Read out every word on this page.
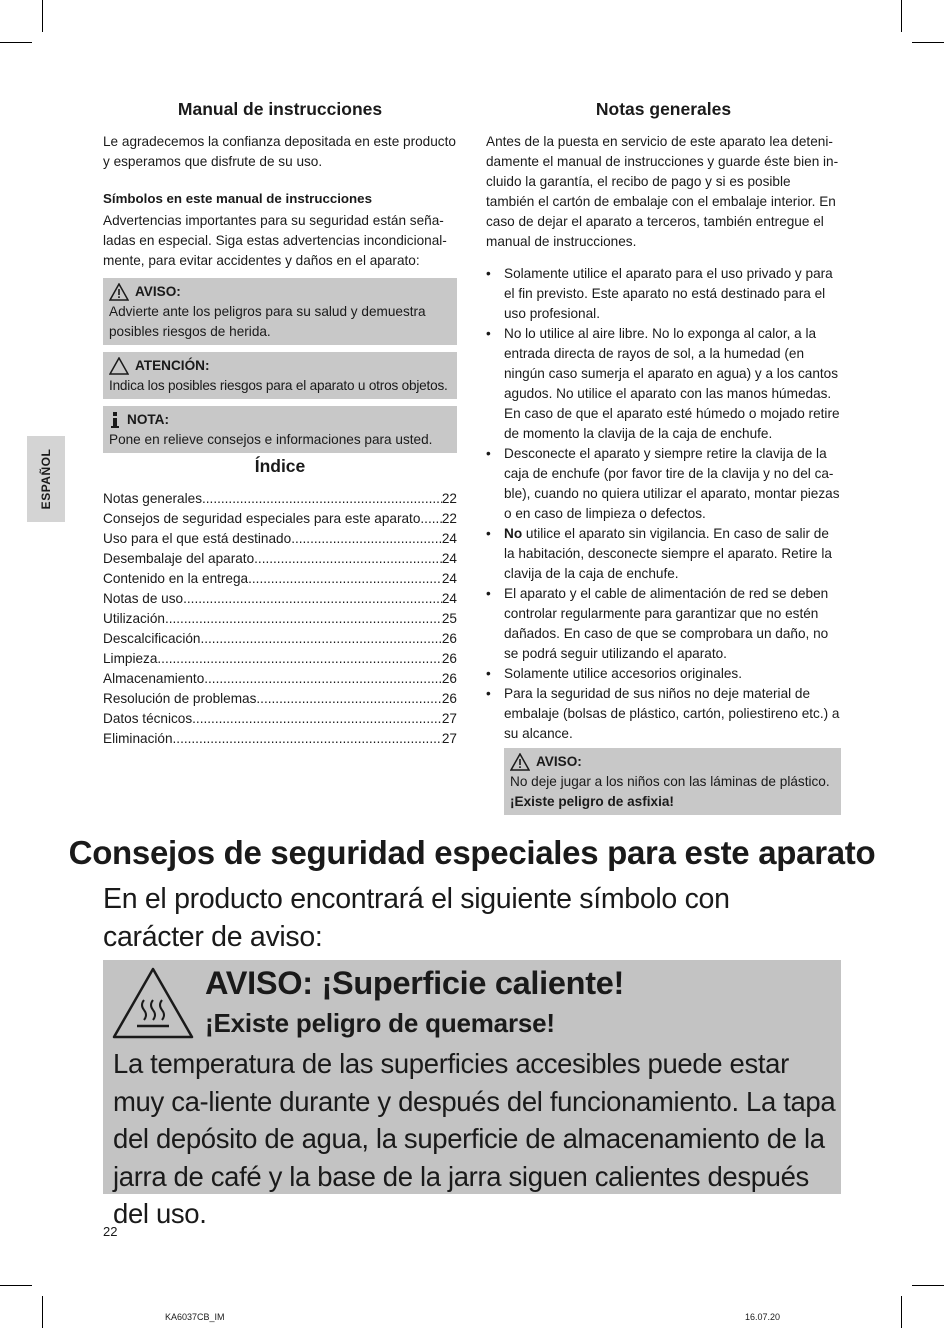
ESPAÑOL
Manual de instrucciones

Le agradecemos la confianza depositada en este producto y esperamos que disfrute de su uso.

Símbolos en este manual de instrucciones

Advertencias importantes para su seguridad están seña-ladas en especial. Siga estas advertencias incondicional-mente, para evitar accidentes y daños en el aparato:

AVISO:

Advierte ante los peligros para su salud y demuestra posibles riesgos de herida.

ATENCIÓN:

Indica los posibles riesgos para el aparato u otros objetos.

NOTA:

Pone en relieve consejos e informaciones para usted.

Índice
Notas generales .....	22
Consejos de seguridad especiales para este aparato ..... 22
Uso para el que está destinado .....	24
Desembalaje del aparato .....	24
Contenido en la entrega .....	24
Notas de uso .....	24
Utilización .....	25
Descalcificación .....	26
Limpieza .....	26
Almacenamiento .....	26
Resolución de problemas .....	26
Datos técnicos .....	27
Eliminación .....	27
Notas generales

Antes de la puesta en servicio de este aparato lea deteni-damente el manual de instrucciones y guarde éste bien in-cluido la garantía, el recibo de pago y si es posible también el cartón de embalaje con el embalaje interior. En caso de dejar el aparato a terceros, también entregue el manual de instrucciones.

• Solamente utilice el aparato para el uso privado y para el fin previsto. Este aparato no está destinado para el uso profesional.
• No lo utilice al aire libre. No lo exponga al calor, a la entrada directa de rayos de sol, a la humedad (en ningún caso sumerja el aparato en agua) y a los cantos agudos. No utilice el aparato con las manos húmedas. En caso de que el aparato esté húmedo o mojado retire de momento la clavija de la caja de enchufe.
• Desconecte el aparato y siempre retire la clavija de la caja de enchufe (por favor tire de la clavija y no del ca-ble), cuando no quiera utilizar el aparato, montar piezas o en caso de limpieza o defectos.
• No utilice el aparato sin vigilancia. En caso de salir de la habitación, desconecte siempre el aparato. Retire la clavija de la caja de enchufe.
• El aparato y el cable de alimentación de red se deben controlar regularmente para garantizar que no estén dañados. En caso de que se comprobara un daño, no se podrá seguir utilizando el aparato.
• Solamente utilice accesorios originales.
• Para la seguridad de sus niños no deje material de embalaje (bolsas de plástico, cartón, poliestireno etc.) a su alcance.
AVISO:

No deje jugar a los niños con las láminas de plástico.

¡Existe peligro de asfixia!

Consejos de seguridad especiales para este aparato
En el producto encontrará el siguiente símbolo con carácter de aviso:
AVISO: ¡Superficie caliente!
¡Existe peligro de quemarse!
La temperatura de las superficies accesibles puede estar muy ca-liente durante y después del funcionamiento. La tapa del depósito de agua, la superficie de almacenamiento de la jarra de café y la base de la jarra siguen calientes después del uso.
22
KA6037CB_IM	16.07.20
